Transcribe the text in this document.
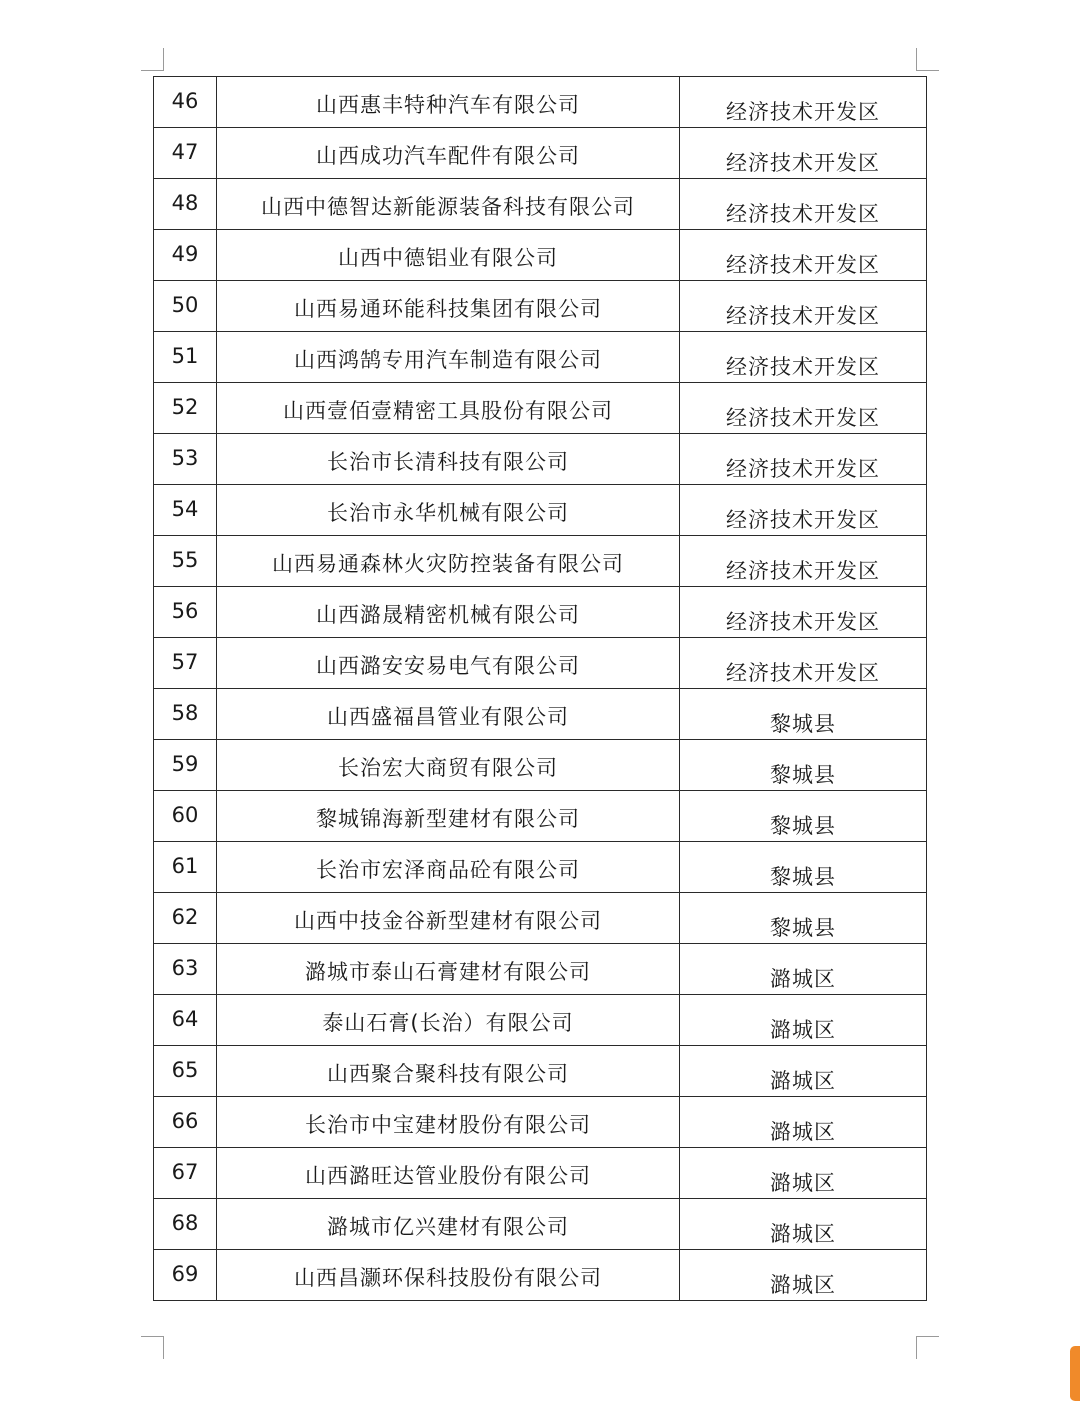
46	山西惠丰特种汽车有限公司	经济技术开发区
47	山西成功汽车配件有限公司	经济技术开发区
48	山西中德智达新能源装备科技有限公司	经济技术开发区
49	山西中德铝业有限公司	经济技术开发区
50	山西易通环能科技集团有限公司	经济技术开发区
51	山西鸿鹄专用汽车制造有限公司	经济技术开发区
52	山西壹佰壹精密工具股份有限公司	经济技术开发区
53	长治市长清科技有限公司	经济技术开发区
54	长治市永华机械有限公司	经济技术开发区
55	山西易通森林火灾防控装备有限公司	经济技术开发区
56	山西潞晟精密机械有限公司	经济技术开发区
57	山西潞安安易电气有限公司	经济技术开发区
58	山西盛福昌管业有限公司	黎城县
59	长治宏大商贸有限公司	黎城县
60	黎城锦海新型建材有限公司	黎城县
61	长治市宏泽商品砼有限公司	黎城县
62	山西中技金谷新型建材有限公司	黎城县
63	潞城市泰山石膏建材有限公司	潞城区
64	泰山石膏(长治）有限公司	潞城区
65	山西聚合聚科技有限公司	潞城区
66	长治市中宝建材股份有限公司	潞城区
67	山西潞旺达管业股份有限公司	潞城区
68	潞城市亿兴建材有限公司	潞城区
69	山西昌灏环保科技股份有限公司	潞城区
